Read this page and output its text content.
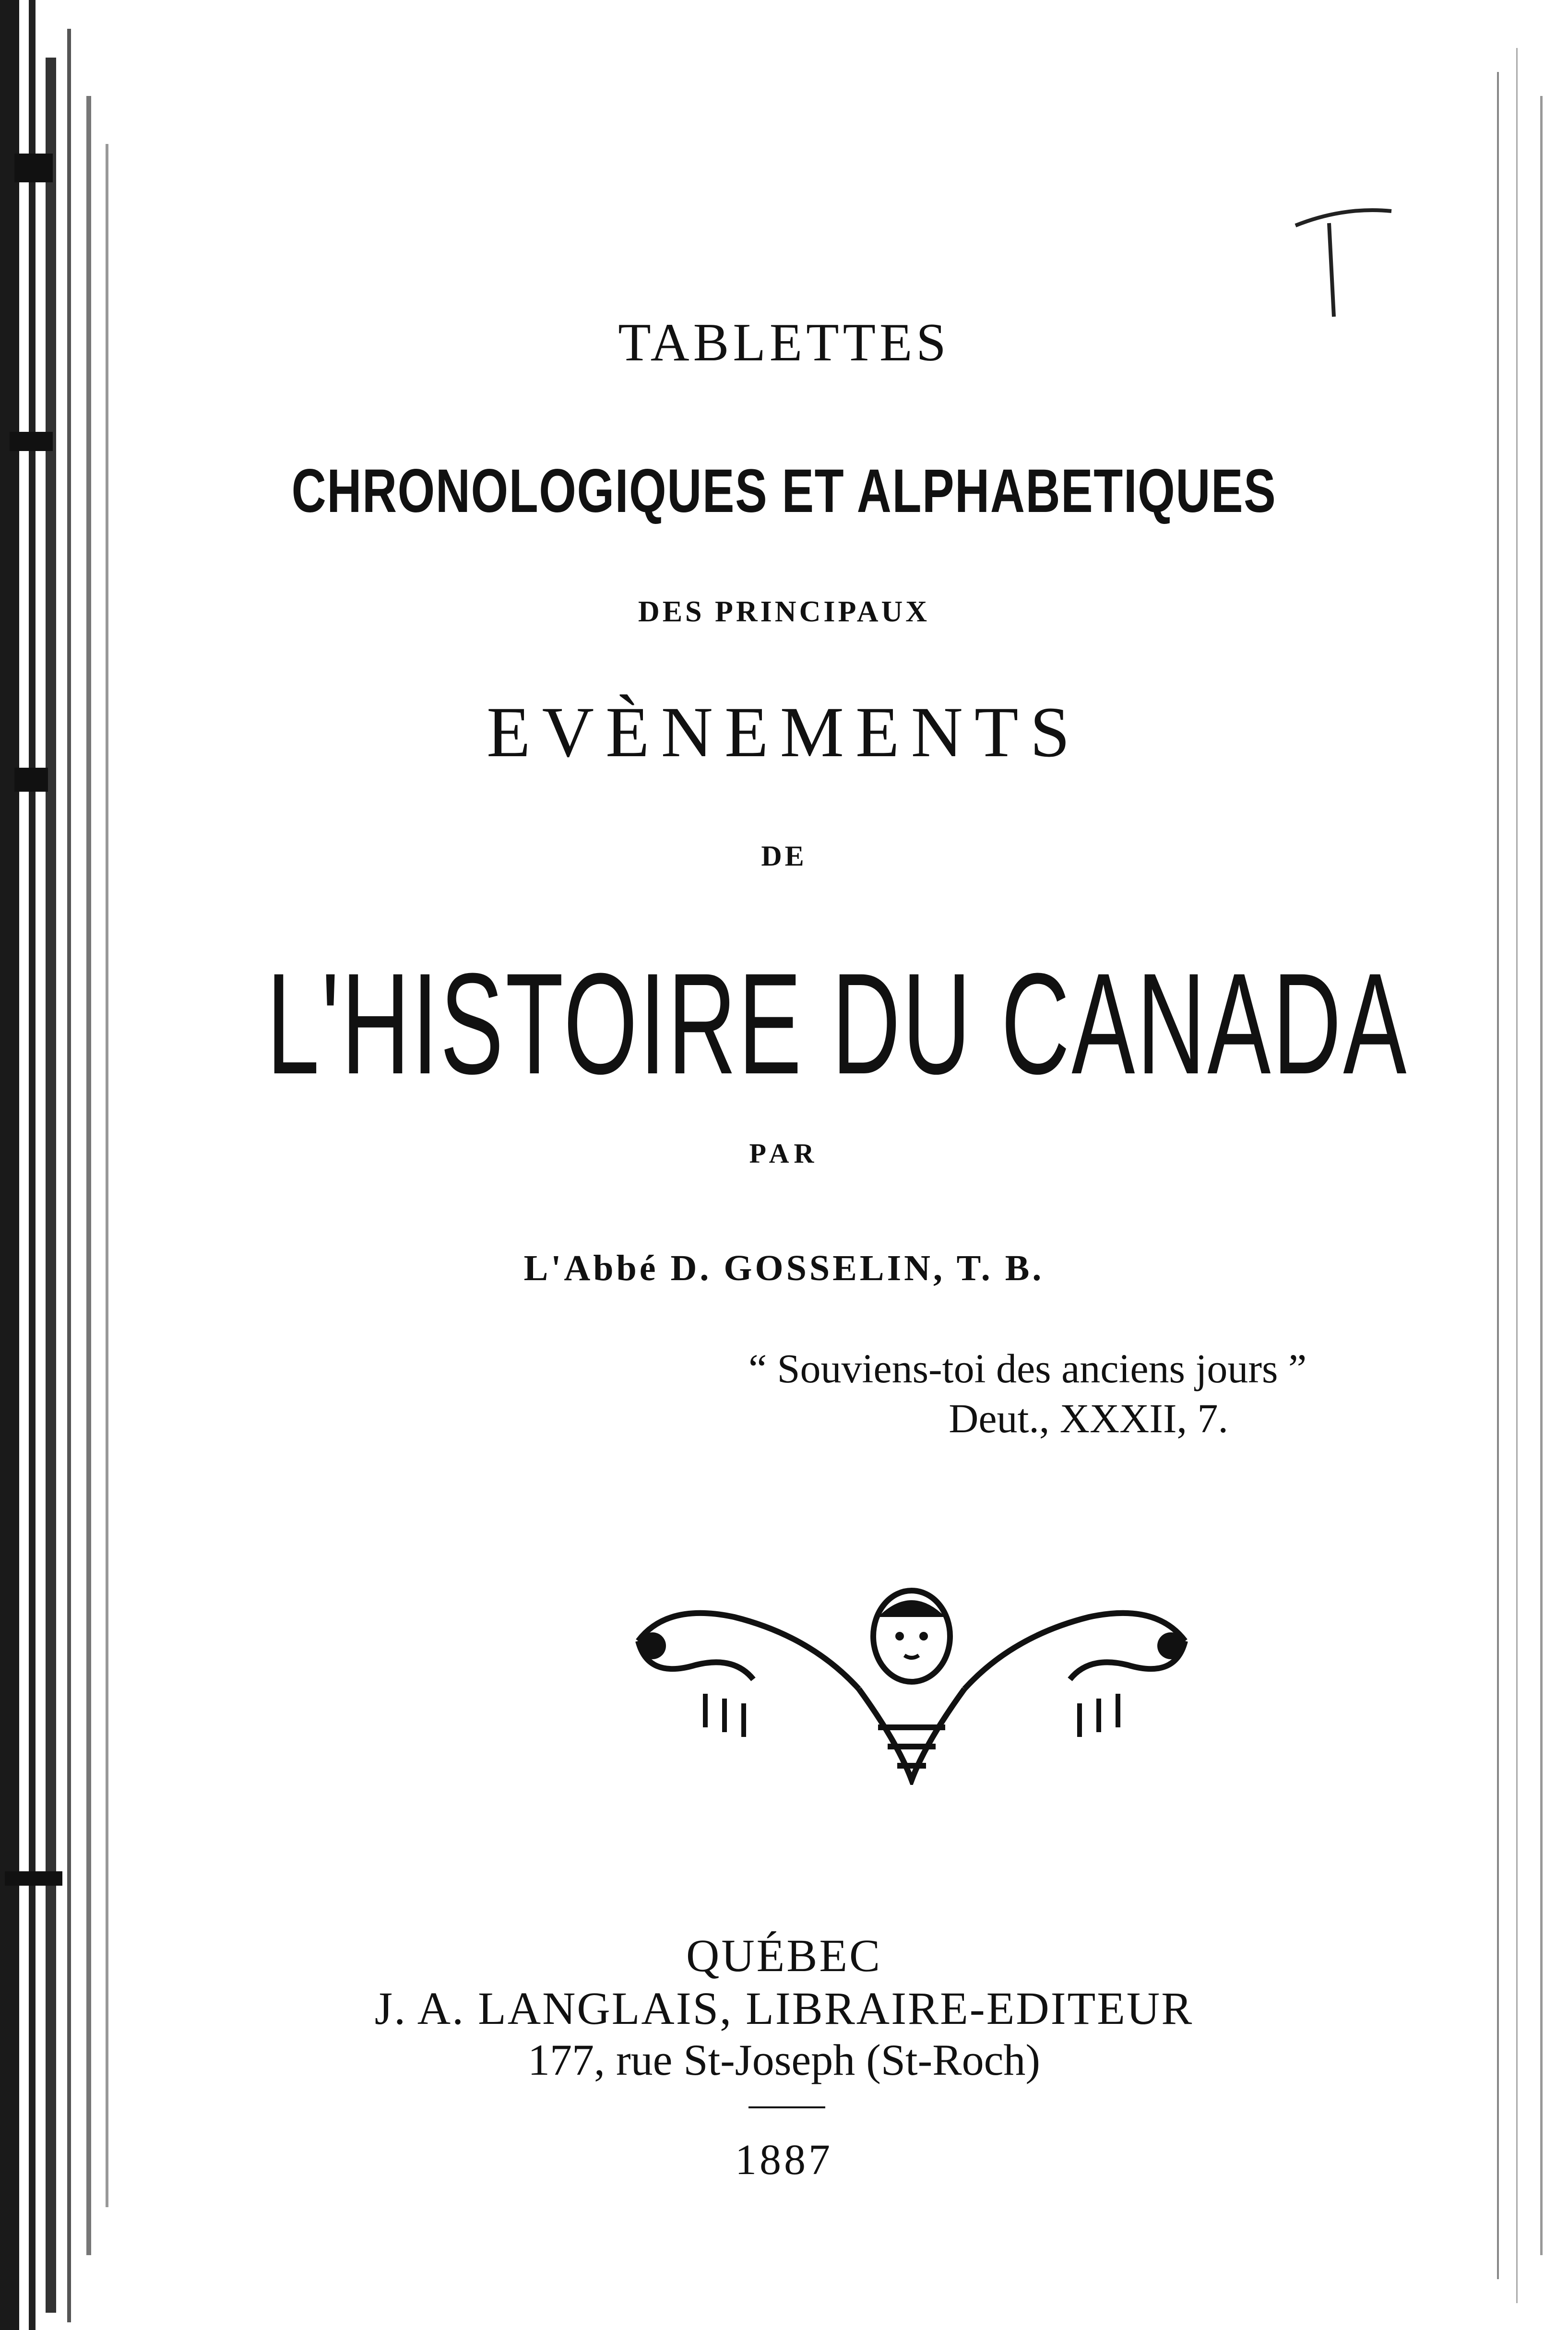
TABLETTES
CHRONOLOGIQUES ET ALPHABETIQUES
DES PRINCIPAUX
EVÈNEMENTS
DE
L'HISTOIRE DU CANADA
PAR
L'Abbé D. GOSSELIN, T. B.
“ Souviens-toi des anciens jours ”
Deut., XXXII, 7.
QUÉBEC
J. A. LANGLAIS, LIBRAIRE-EDITEUR
177, rue St-Joseph (St-Roch)
1887
